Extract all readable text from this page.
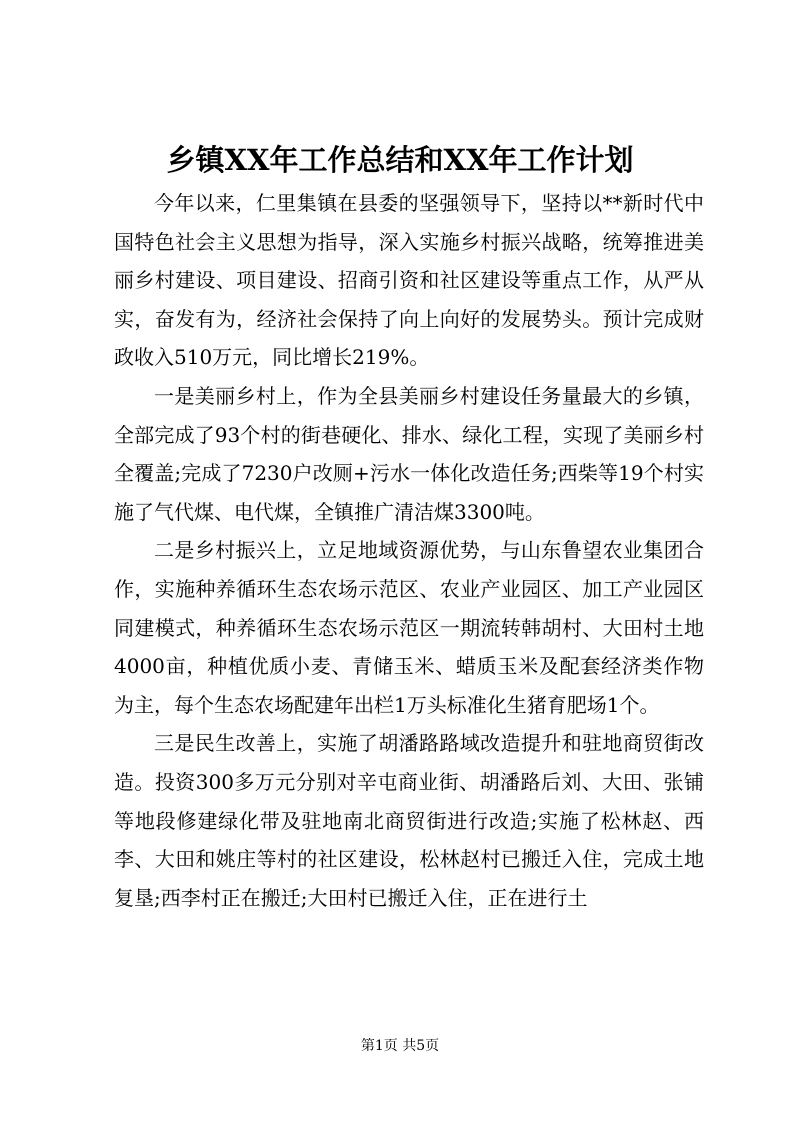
乡镇XX年工作总结和XX年工作计划

今年以来，仁里集镇在县委的坚强领导下，坚持以**新时代中国特色社会主义思想为指导，深入实施乡村振兴战略，统筹推进美丽乡村建设、项目建设、招商引资和社区建设等重点工作，从严从实，奋发有为，经济社会保持了向上向好的发展势头。预计完成财政收入510万元，同比增长219%。

一是美丽乡村上，作为全县美丽乡村建设任务量最大的乡镇，全部完成了93个村的街巷硬化、排水、绿化工程，实现了美丽乡村全覆盖;完成了7230户改厕+污水一体化改造任务;西柴等19个村实施了气代煤、电代煤，全镇推广清洁煤3300吨。

二是乡村振兴上，立足地域资源优势，与山东鲁望农业集团合作，实施种养循环生态农场示范区、农业产业园区、加工产业园区同建模式，种养循环生态农场示范区一期流转韩胡村、大田村土地4000亩，种植优质小麦、青储玉米、蜡质玉米及配套经济类作物为主，每个生态农场配建年出栏1万头标准化生猪育肥场1个。

三是民生改善上，实施了胡潘路路域改造提升和驻地商贸街改造。投资300多万元分别对辛屯商业街、胡潘路后刘、大田、张铺等地段修建绿化带及驻地南北商贸街进行改造;实施了松林赵、西李、大田和姚庄等村的社区建设，松林赵村已搬迁入住，完成土地复垦;西李村正在搬迁;大田村已搬迁入住，正在进行土

第1页 共5页
